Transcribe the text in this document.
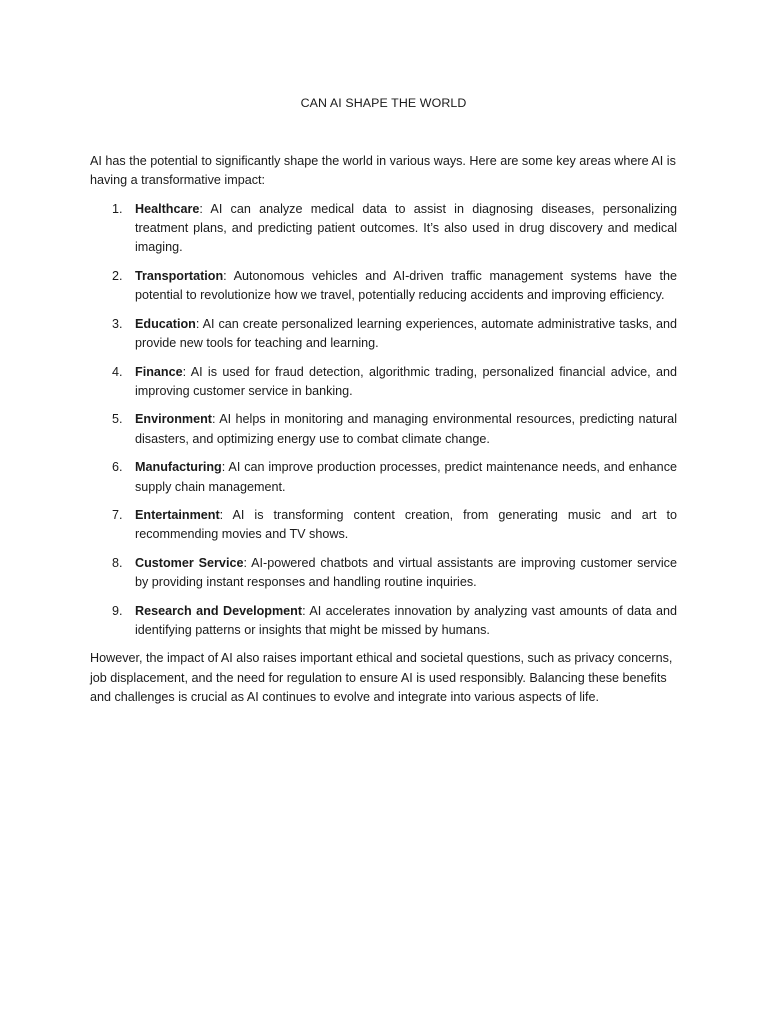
CAN AI SHAPE THE WORLD

AI has the potential to significantly shape the world in various ways. Here are some key areas where AI is having a transformative impact:

1. Healthcare: AI can analyze medical data to assist in diagnosing diseases, personalizing treatment plans, and predicting patient outcomes. It’s also used in drug discovery and medical imaging.
2. Transportation: Autonomous vehicles and AI-driven traffic management systems have the potential to revolutionize how we travel, potentially reducing accidents and improving efficiency.
3. Education: AI can create personalized learning experiences, automate administrative tasks, and provide new tools for teaching and learning.
4. Finance: AI is used for fraud detection, algorithmic trading, personalized financial advice, and improving customer service in banking.
5. Environment: AI helps in monitoring and managing environmental resources, predicting natural disasters, and optimizing energy use to combat climate change.
6. Manufacturing: AI can improve production processes, predict maintenance needs, and enhance supply chain management.
7. Entertainment: AI is transforming content creation, from generating music and art to recommending movies and TV shows.
8. Customer Service: AI-powered chatbots and virtual assistants are improving customer service by providing instant responses and handling routine inquiries.
9. Research and Development: AI accelerates innovation by analyzing vast amounts of data and identifying patterns or insights that might be missed by humans.

However, the impact of AI also raises important ethical and societal questions, such as privacy concerns, job displacement, and the need for regulation to ensure AI is used responsibly. Balancing these benefits and challenges is crucial as AI continues to evolve and integrate into various aspects of life.
